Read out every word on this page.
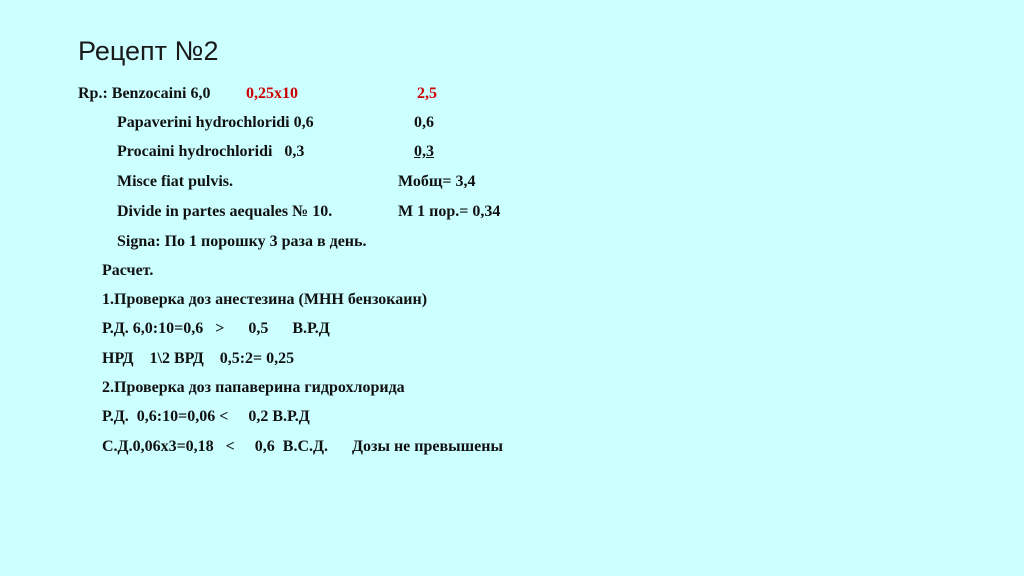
Рецепт №2
Rp.: Benzocaini 6,0 0,25x10	2,5
Papaverini hydrochloridi 0,6	0,6
Procaini hydrochloridi   0,3	0,3
Misce fiat pulvis.	Мобщ= 3,4
Divide in partes aequales № 10.	М 1 пор.= 0,34
Signa: По 1 порошку 3 раза в день.
Расчет.
1.Проверка доз анестезина (МНН бензокаин)
Р.Д. 6,0:10=0,6   >      0,5      В.Р.Д
НРД    1\2 ВРД    0,5:2= 0,25
2.Проверка доз папаверина гидрохлорида
Р.Д.  0,6:10=0,06 <     0,2 В.Р.Д
С.Д.0,06x3=0,18   <     0,6  В.С.Д.      Дозы не превышены
